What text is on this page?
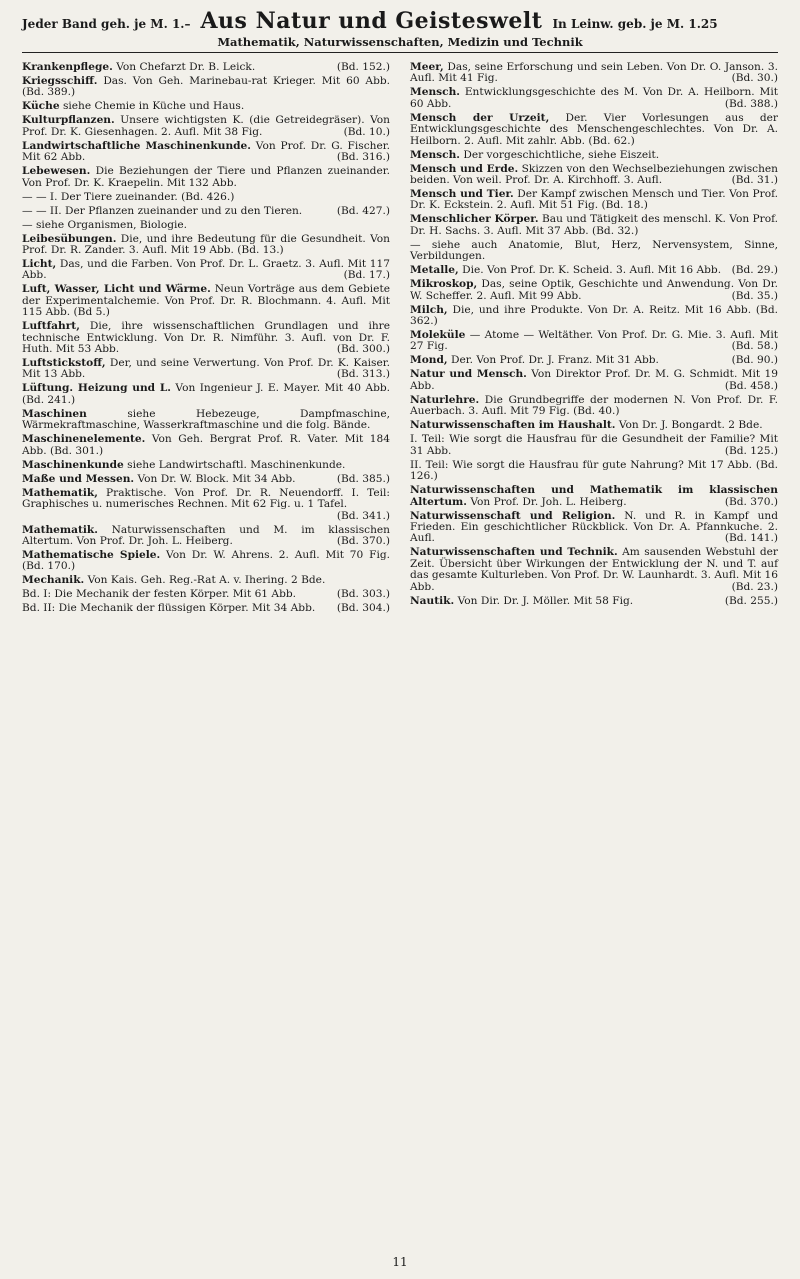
Jeder Band geh. je M. 1.– Aus Natur und Geisteswelt In Leinw. geb. je M. 1.25
Mathematik, Naturwissenschaften, Medizin und Technik

Krankenpflege. Von Chefarzt Dr. B. Leick.	(Bd. 152.)

Kriegsschiff. Das. Von Geh. Marinebau-rat Krieger. Mit 60 Abb. (Bd. 389.)

Küche siehe Chemie in Küche und Haus.

Kulturpflanzen. Unsere wichtigsten K. (die Getreidegräser). Von Prof. Dr. K. Giesenhagen. 2. Aufl. Mit 38 Fig.	(Bd. 10.)

Landwirtschaftliche Maschinenkunde. Von Prof. Dr. G. Fischer. Mit 62 Abb.	(Bd. 316.)

Lebewesen. Die Beziehungen der Tiere und Pflanzen zueinander. Von Prof. Dr. K. Kraepelin. Mit 132 Abb.

— — I. Der Tiere zueinander. (Bd. 426.)

— — II. Der Pflanzen zueinander und zu den Tieren.	(Bd. 427.)

— siehe Organismen, Biologie.

Leibesübungen. Die, und ihre Bedeutung für die Gesundheit. Von Prof. Dr. R. Zander. 3. Aufl. Mit 19 Abb. (Bd. 13.)

Licht, Das, und die Farben. Von Prof. Dr. L. Graetz. 3. Aufl. Mit 117 Abb.	(Bd. 17.)

Luft, Wasser, Licht und Wärme. Neun Vorträge aus dem Gebiete der Experimentalchemie. Von Prof. Dr. R. Blochmann. 4. Aufl. Mit 115 Abb. (Bd 5.)

Luftfahrt, Die, ihre wissenschaftlichen Grundlagen und ihre technische Entwicklung. Von Dr. R. Nimführ. 3. Aufl. von Dr. F. Huth. Mit 53 Abb.	(Bd. 300.)

Luftstickstoff, Der, und seine Verwertung. Von Prof. Dr. K. Kaiser. Mit 13 Abb.	(Bd. 313.)

Lüftung. Heizung und L. Von Ingenieur J. E. Mayer. Mit 40 Abb. (Bd. 241.)

Maschinen	siehe Hebezeuge, Dampfmaschine, Wärmekraftmaschine, Wasserkraftmaschine und die folg. Bände.

Maschinenelemente. Von Geh. Bergrat Prof. R. Vater. Mit 184 Abb. (Bd. 301.)

Maschinenkunde siehe Landwirtschaftl. Maschinenkunde.

Maße und Messen. Von Dr. W. Block. Mit 34 Abb.	(Bd. 385.)

Mathematik, Praktische. Von Prof. Dr. R. Neuendorff. I. Teil: Graphisches u. numerisches Rechnen. Mit 62 Fig. u. 1 Tafel.
(Bd. 341.)

Mathematik. Naturwissenschaften und M. im klassischen Altertum. Von Prof. Dr. Joh. L. Heiberg.	(Bd. 370.)

Mathematische Spiele. Von Dr. W. Ahrens. 2. Aufl. Mit 70 Fig. (Bd. 170.)

Mechanik. Von Kais. Geh. Reg.-Rat A. v. Ihering. 2 Bde.

Bd. I: Die Mechanik der festen Körper. Mit 61 Abb.	(Bd. 303.)

Bd. II: Die Mechanik der flüssigen Körper. Mit 34 Abb. (Bd. 304.)

Meer, Das, seine Erforschung und sein Leben. Von Dr. O. Janson. 3. Aufl. Mit 41 Fig.	(Bd. 30.)

Mensch. Entwicklungsgeschichte des M. Von Dr. A. Heilborn. Mit 60 Abb.	(Bd. 388.)

Mensch der Urzeit, Der. Vier Vorlesungen aus der Entwicklungsgeschichte des Menschengeschlechtes. Von Dr. A. Heilborn. 2. Aufl. Mit zahlr. Abb. (Bd. 62.)

Mensch. Der vorgeschichtliche, siehe Eiszeit.

Mensch und Erde. Skizzen von den Wechselbeziehungen zwischen beiden. Von weil. Prof. Dr. A. Kirchhoff. 3. Aufl.	(Bd. 31.)

Mensch und Tier. Der Kampf zwischen Mensch und Tier. Von Prof. Dr. K. Eckstein. 2. Aufl. Mit 51 Fig. (Bd. 18.)

Menschlicher Körper. Bau und Tätigkeit des menschl. K. Von Prof. Dr. H. Sachs. 3. Aufl. Mit 37 Abb. (Bd. 32.)

— siehe auch Anatomie, Blut, Herz, Nervensystem, Sinne, Verbildungen.

Metalle, Die. Von Prof. Dr. K. Scheid. 3. Aufl. Mit 16 Abb. (Bd. 29.)

Mikroskop, Das, seine Optik, Geschichte und Anwendung. Von Dr. W. Scheffer. 2. Aufl. Mit 99 Abb.	(Bd. 35.)

Milch, Die, und ihre Produkte. Von Dr. A. Reitz. Mit 16 Abb. (Bd. 362.)

Moleküle — Atome — Weltäther. Von Prof. Dr. G. Mie. 3. Aufl. Mit 27 Fig.	(Bd. 58.)

Mond, Der. Von Prof. Dr. J. Franz. Mit 31 Abb.	(Bd. 90.)

Natur und Mensch. Von Direktor Prof. Dr. M. G. Schmidt. Mit 19 Abb.	(Bd. 458.)

Naturlehre. Die Grundbegriffe der modernen N. Von Prof. Dr. F. Auerbach. 3. Aufl. Mit 79 Fig. (Bd. 40.)

Naturwissenschaften im Haushalt. Von Dr. J. Bongardt. 2 Bde.

I. Teil: Wie sorgt die Hausfrau für die Gesundheit der Familie? Mit 31 Abb.	(Bd. 125.)

II. Teil: Wie sorgt die Hausfrau für gute Nahrung? Mit 17 Abb. (Bd. 126.)

Naturwissenschaften und Mathematik im klassischen Altertum. Von Prof. Dr. Joh. L. Heiberg.	(Bd. 370.)

Naturwissenschaft und Religion. N. und R. in Kampf und Frieden. Ein geschichtlicher Rückblick. Von Dr. A. Pfannkuche. 2. Aufl.	(Bd. 141.)

Naturwissenschaften und Technik. Am sausenden Webstuhl der Zeit. Übersicht über Wirkungen der Entwicklung der N. und T. auf das gesamte Kulturleben. Von Prof. Dr. W. Launhardt. 3. Aufl. Mit 16 Abb.	(Bd. 23.)

Nautik. Von Dir. Dr. J. Möller. Mit 58 Fig.	(Bd. 255.)

11
